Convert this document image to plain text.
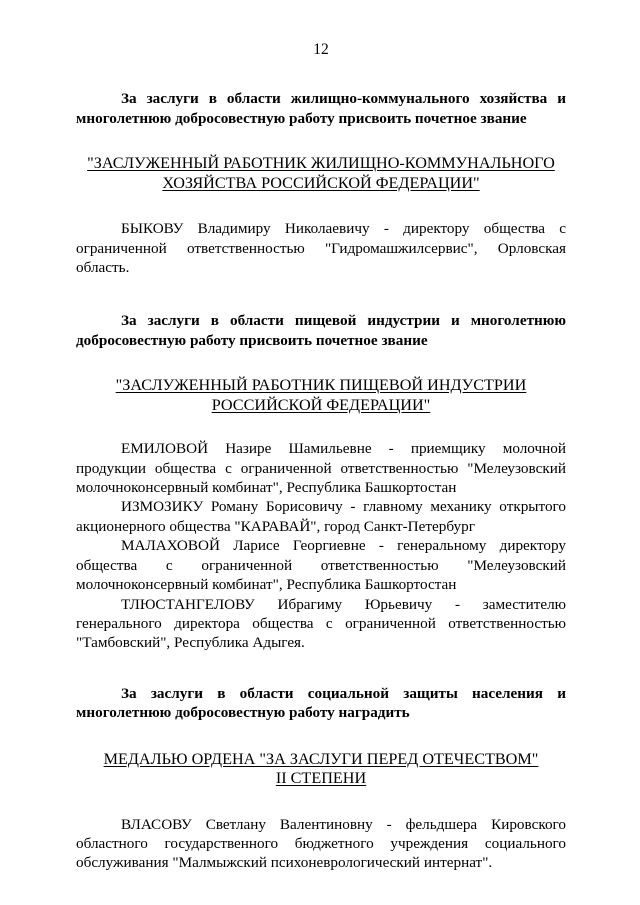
12

За заслуги в области жилищно-коммунального хозяйства и многолетнюю добросовестную работу присвоить почетное звание

"ЗАСЛУЖЕННЫЙ РАБОТНИК ЖИЛИЩНО-КОММУНАЛЬНОГО
ХОЗЯЙСТВА РОССИЙСКОЙ ФЕДЕРАЦИИ"

БЫКОВУ Владимиру Николаевичу - директору общества с ограниченной ответственностью "Гидромашжилсервис", Орловская область.

За заслуги в области пищевой индустрии и многолетнюю добросовестную работу присвоить почетное звание

"ЗАСЛУЖЕННЫЙ РАБОТНИК ПИЩЕВОЙ ИНДУСТРИИ
РОССИЙСКОЙ ФЕДЕРАЦИИ"

ЕМИЛОВОЙ Назире Шамильевне - приемщику молочной продукции общества с ограниченной ответственностью "Мелеузовский молочноконсервный комбинат", Республика Башкортостан

ИЗМОЗИКУ Роману Борисовичу - главному механику открытого акционерного общества "КАРАВАЙ", город Санкт-Петербург

МАЛАХОВОЙ Ларисе Георгиевне - генеральному директору общества с ограниченной ответственностью "Мелеузовский молочноконсервный комбинат", Республика Башкортостан

ТЛЮСТАНГЕЛОВУ Ибрагиму Юрьевичу - заместителю генерального директора общества с ограниченной ответственностью "Тамбовский", Республика Адыгея.

За заслуги в области социальной защиты населения и многолетнюю добросовестную работу наградить

МЕДАЛЬЮ ОРДЕНА "ЗА ЗАСЛУГИ ПЕРЕД ОТЕЧЕСТВОМ"
II СТЕПЕНИ

ВЛАСОВУ Светлану Валентиновну - фельдшера Кировского областного государственного бюджетного учреждения социального обслуживания "Малмыжский психоневрологический интернат".
